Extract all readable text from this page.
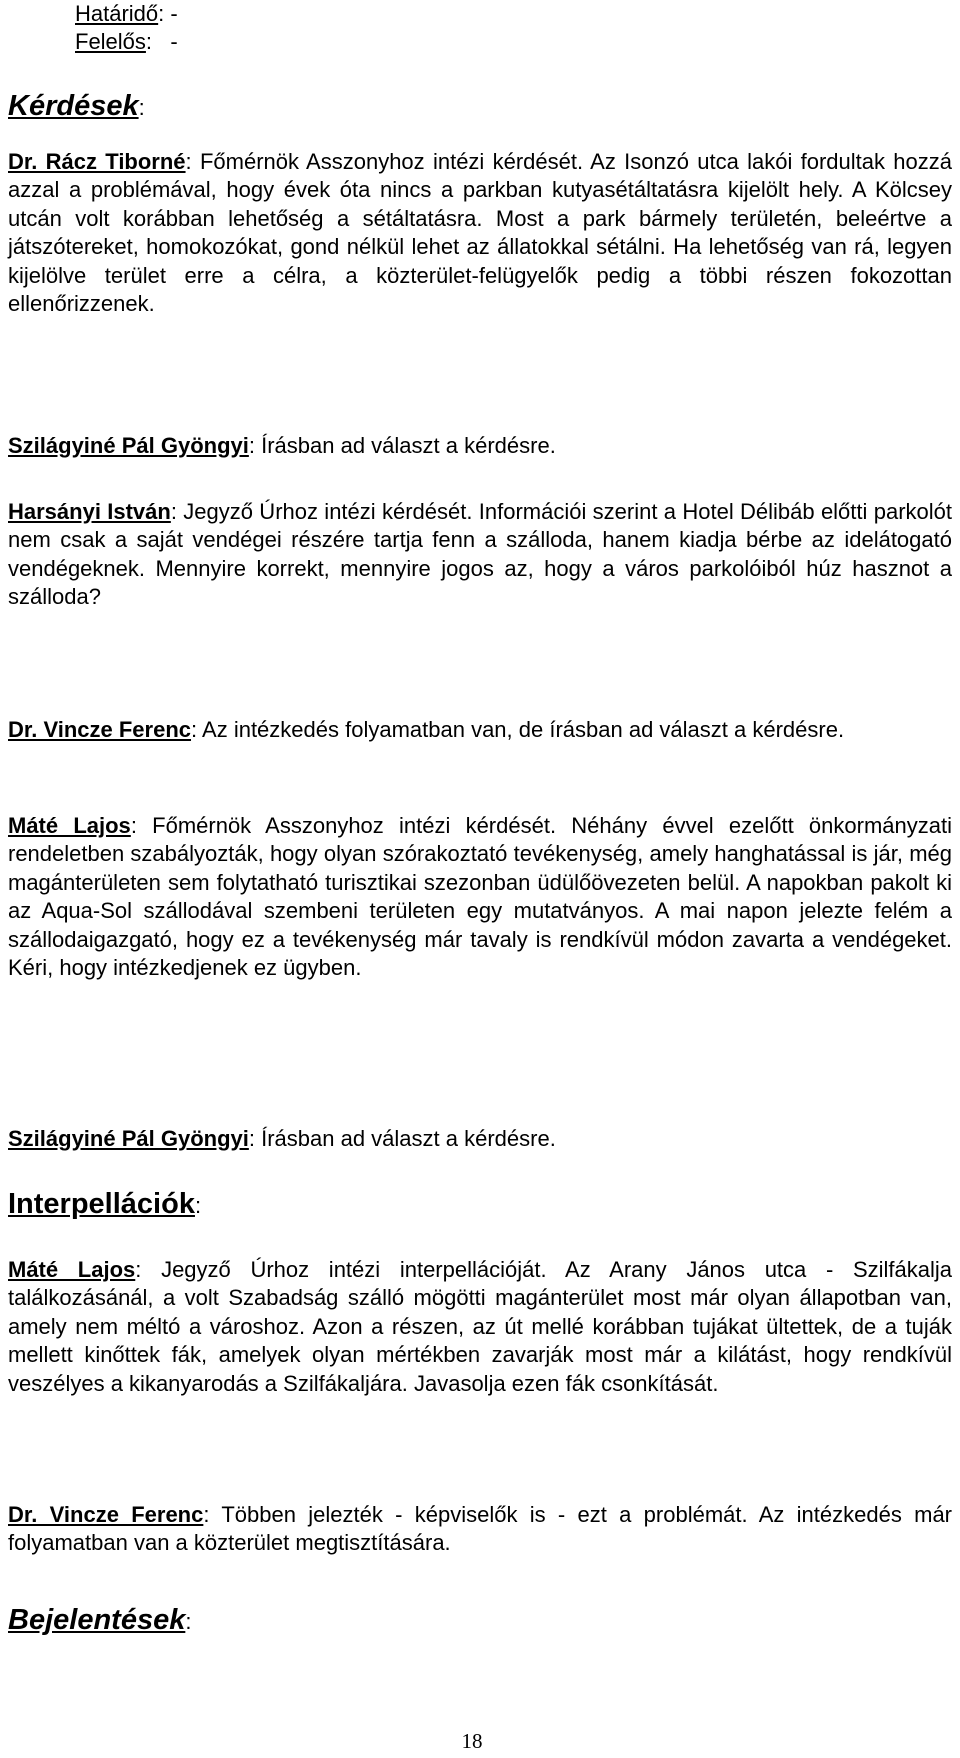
Határidő: -
Felelős:   -
Kérdések:

Dr. Rácz Tiborné: Főmérnök Asszonyhoz intézi kérdését. Az Isonzó utca lakói fordultak hozzá azzal a problémával, hogy évek óta nincs a parkban kutyasétáltatásra kijelölt hely. A Kölcsey utcán volt korábban lehetőség a sétáltatásra. Most a park bármely területén, beleértve a játszótereket, homokozókat, gond nélkül lehet az állatokkal sétálni. Ha lehetőség van rá, legyen kijelölve terület erre a célra, a közterület-felügyelők pedig a többi részen fokozottan ellenőrizzenek.

Szilágyiné Pál Gyöngyi: Írásban ad választ a kérdésre.

Harsányi István: Jegyző Úrhoz intézi kérdését. Információi szerint a Hotel Délibáb előtti parkolót nem csak a saját vendégei részére tartja fenn a szálloda, hanem kiadja bérbe az idelátogató vendégeknek. Mennyire korrekt, mennyire jogos az, hogy a város parkolóiból húz hasznot a szálloda?

Dr. Vincze Ferenc: Az intézkedés folyamatban van, de írásban ad választ a kérdésre.

Máté Lajos: Főmérnök Asszonyhoz intézi kérdését. Néhány évvel ezelőtt önkormányzati rendeletben szabályozták, hogy olyan szórakoztató tevékenység, amely hanghatással is jár, még magánterületen sem folytatható turisztikai szezonban üdülőövezeten belül. A napokban pakolt ki az Aqua-Sol szállodával szembeni területen egy mutatványos. A mai napon jelezte felém a szállodaigazgató, hogy ez a tevékenység már tavaly is rendkívül módon zavarta a vendégeket. Kéri, hogy intézkedjenek ez ügyben.

Szilágyiné Pál Gyöngyi: Írásban ad választ a kérdésre.

Interpellációk:

Máté Lajos: Jegyző Úrhoz intézi interpellációját. Az Arany János utca - Szilfákalja találkozásánál, a volt Szabadság szálló mögötti magánterület most már olyan állapotban van, amely nem méltó a városhoz. Azon a részen, az út mellé korábban tujákat ültettek, de a tuják mellett kinőttek fák, amelyek olyan mértékben zavarják most már a kilátást, hogy rendkívül veszélyes a kikanyarodás a Szilfákaljára. Javasolja ezen fák csonkítását.

Dr. Vincze Ferenc: Többen jelezték - képviselők is - ezt a problémát. Az intézkedés már folyamatban van a közterület megtisztítására.

Bejelentések:
18
